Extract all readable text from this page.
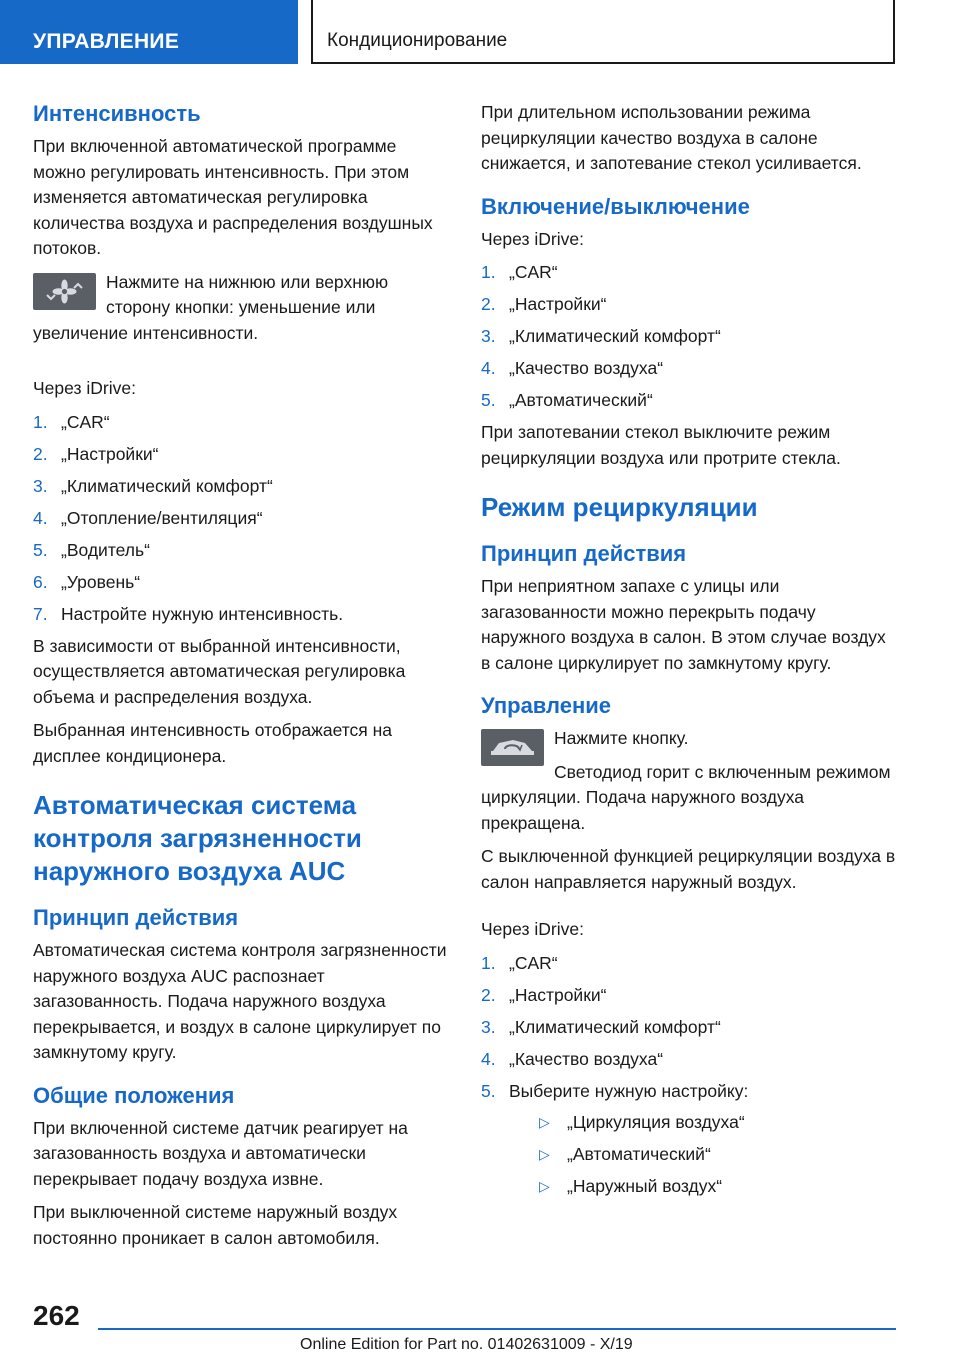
УПРАВЛЕНИЕ	Кондиционирование
Интенсивность

При включенной автоматической программе можно регулировать интенсивность. При этом изменяется автоматическая регулировка количества воздуха и распределения воздушных потоков.

Нажмите на нижнюю или верхнюю сторону кнопки: уменьшение или увеличение интенсивности.

Через iDrive:

1. „CAR“
2. „Настройки“
3. „Климатический комфорт“
4. „Отопление/вентиляция“
5. „Водитель“
6. „Уровень“
7. Настройте нужную интенсивность.

В зависимости от выбранной интенсивности, осуществляется автоматическая регулировка объема и распределения воздуха.

Выбранная интенсивность отображается на дисплее кондиционера.

Автоматическая система контроля загрязненности наружного воздуха AUC
Принцип действия

Автоматическая система контроля загрязненности наружного воздуха AUC распознает загазованность. Подача наружного воздуха перекрывается, и воздух в салоне циркулирует по замкнутому кругу.

Общие положения

При включенной системе датчик реагирует на загазованность воздуха и автоматически перекрывает подачу воздуха извне.

При выключенной системе наружный воздух постоянно проникает в салон автомобиля.

При длительном использовании режима рециркуляции качество воздуха в салоне снижается, и запотевание стекол усиливается.

Включение/выключение

Через iDrive:

1. „CAR“
2. „Настройки“
3. „Климатический комфорт“
4. „Качество воздуха“
5. „Автоматический“

При запотевании стекол выключите режим рециркуляции воздуха или протрите стекла.

Режим рециркуляции
Принцип действия

При неприятном запахе с улицы или загазованности можно перекрыть подачу наружного воздуха в салон. В этом случае воздух в салоне циркулирует по замкнутому кругу.

Управление

Нажмите кнопку.

Светодиод горит с включенным режимом циркуляции. Подача наружного воздуха прекращена.

С выключенной функцией рециркуляции воздуха в салон направляется наружный воздух.

Через iDrive:

1. „CAR“
2. „Настройки“
3. „Климатический комфорт“
4. „Качество воздуха“
5. Выберите нужную настройку:
▷ „Циркуляция воздуха“
▷ „Автоматический“
▷ „Наружный воздух“
262
Online Edition for Part no. 01402631009 - X/19
